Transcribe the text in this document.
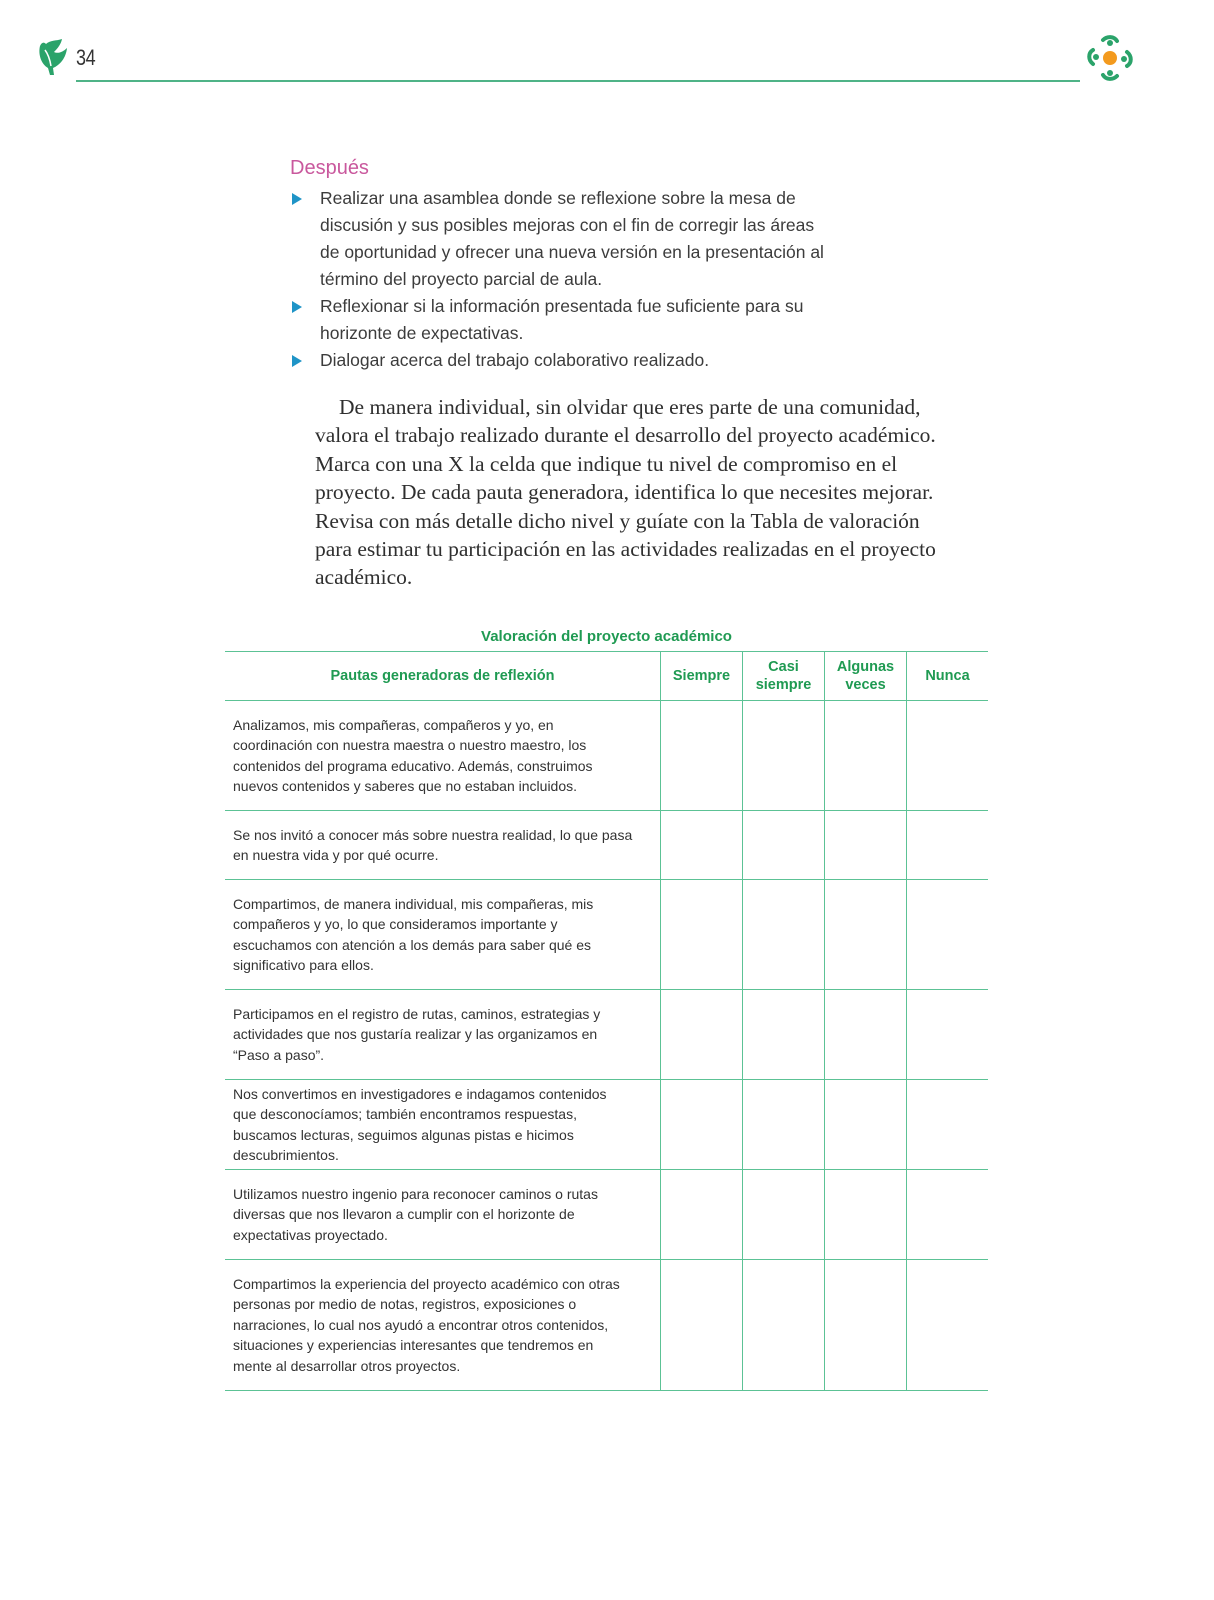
34
Después
Realizar una asamblea donde se reflexione sobre la mesa de discusión y sus posibles mejoras con el fin de corregir las áreas de oportunidad y ofrecer una nueva versión en la presentación al término del proyecto parcial de aula.
Reflexionar si la información presentada fue suficiente para su horizonte de expectativas.
Dialogar acerca del trabajo colaborativo realizado.

De manera individual, sin olvidar que eres parte de una comunidad, valora el trabajo realizado durante el desarrollo del proyecto académico. Marca con una X la celda que indique tu nivel de compromiso en el proyecto. De cada pauta generadora, identifica lo que necesites mejorar. Revisa con más detalle dicho nivel y guíate con la Tabla de valoración para estimar tu participación en las actividades realizadas en el proyecto académico.

Valoración del proyecto académico
Pautas generadoras de reflexión	Siempre	Casi siempre	Algunas veces	Nunca

Analizamos, mis compañeras, compañeros y yo, en coordinación con nuestra maestra o nuestro maestro, los contenidos del programa educativo. Además, construimos nuevos contenidos y saberes que no estaban incluidos.				

Se nos invitó a conocer más sobre nuestra realidad, lo que pasa en nuestra vida y por qué ocurre.				

Compartimos, de manera individual, mis compañeras, mis compañeros y yo, lo que consideramos importante y escuchamos con atención a los demás para saber qué es significativo para ellos.				

Participamos en el registro de rutas, caminos, estrategias y actividades que nos gustaría realizar y las organizamos en “Paso a paso”.				

Nos convertimos en investigadores e indagamos contenidos que desconocíamos; también encontramos respuestas, buscamos lecturas, seguimos algunas pistas e hicimos descubrimientos.				

Utilizamos nuestro ingenio para reconocer caminos o rutas diversas que nos llevaron a cumplir con el horizonte de expectativas proyectado.				

Compartimos la experiencia del proyecto académico con otras personas por medio de notas, registros, exposiciones o narraciones, lo cual nos ayudó a encontrar otros contenidos, situaciones y experiencias interesantes que tendremos en mente al desarrollar otros proyectos.				
